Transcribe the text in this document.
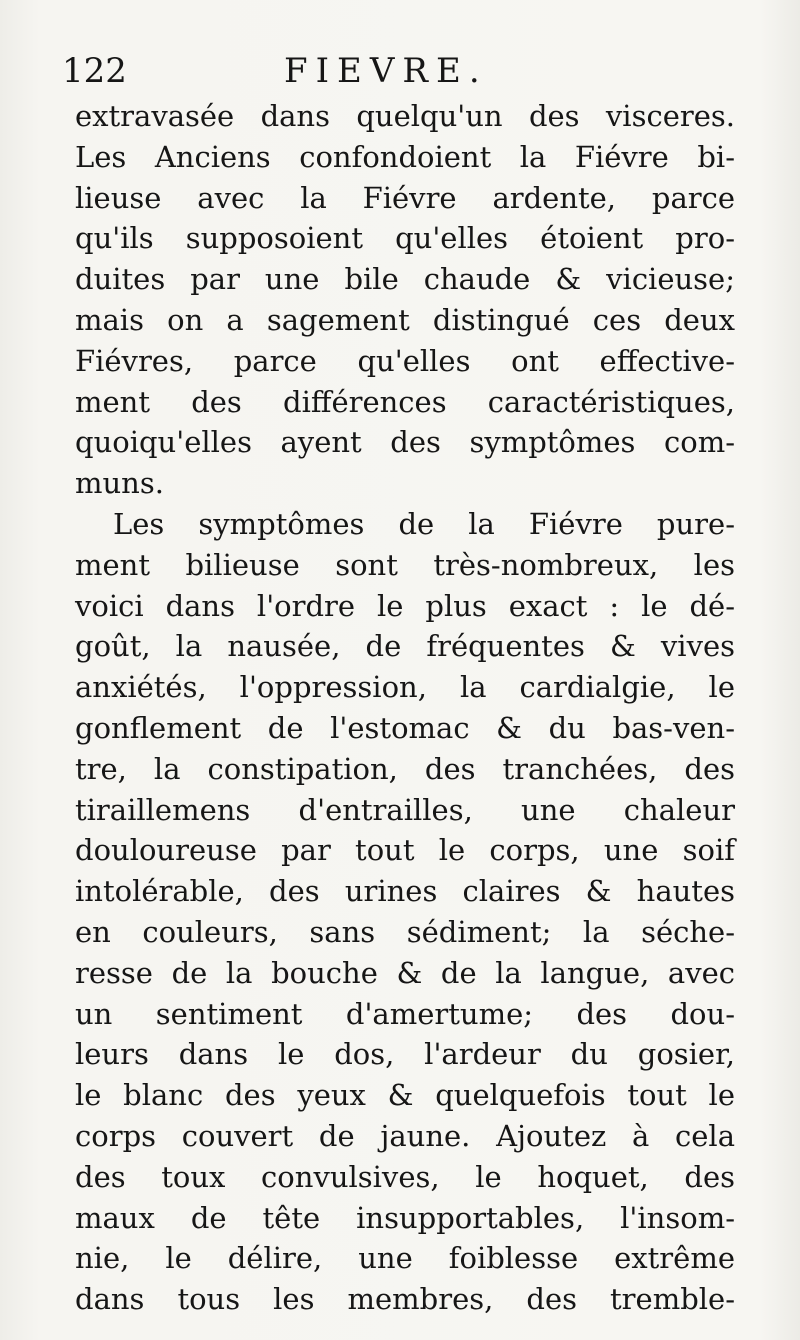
122	FIEVRE.
extravasée dans quelqu'un des visceres.
Les Anciens confondoient la Fiévre bi-
lieuse avec la Fiévre ardente, parce
qu'ils supposoient qu'elles étoient pro-
duites par une bile chaude & vicieuse;
mais on a sagement distingué ces deux
Fiévres, parce qu'elles ont effective-
ment des différences caractéristiques,
quoiqu'elles ayent des symptômes com-
muns.
Les symptômes de la Fiévre pure-
ment bilieuse sont très-nombreux, les
voici dans l'ordre le plus exact : le dé-
goût, la nausée, de fréquentes & vives
anxiétés, l'oppression, la cardialgie, le
gonflement de l'estomac & du bas-ven-
tre, la constipation, des tranchées, des
tiraillemens d'entrailles, une chaleur
douloureuse par tout le corps, une soif
intolérable, des urines claires & hautes
en couleurs, sans sédiment; la séche-
resse de la bouche & de la langue, avec
un sentiment d'amertume; des dou-
leurs dans le dos, l'ardeur du gosier,
le blanc des yeux & quelquefois tout le
corps couvert de jaune. Ajoutez à cela
des toux convulsives, le hoquet, des
maux de tête insupportables, l'insom-
nie, le délire, une foiblesse extrême
dans tous les membres, des tremble-
